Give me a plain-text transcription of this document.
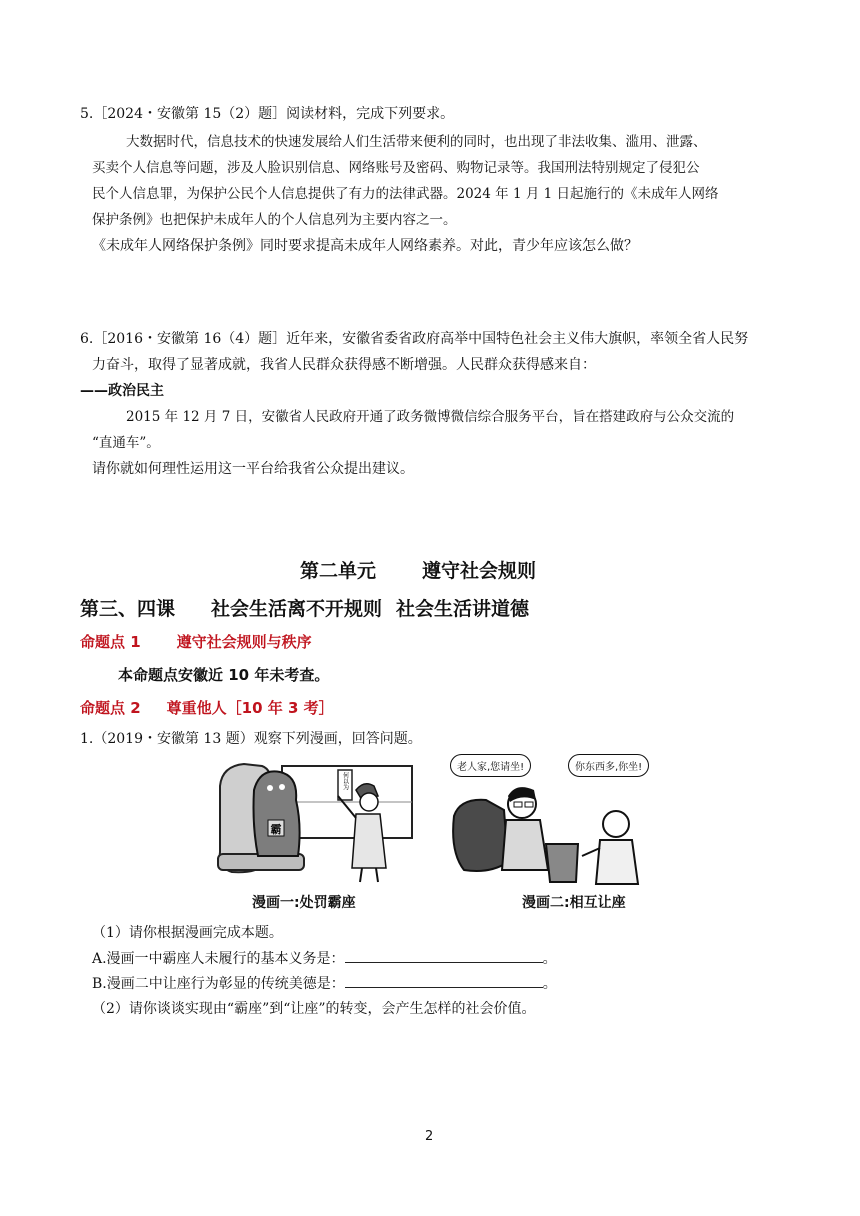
5.［2024・安徽第 15（2）题］阅读材料，完成下列要求。
大数据时代，信息技术的快速发展给人们生活带来便利的同时，也出现了非法收集、滥用、泄露、
买卖个人信息等问题，涉及人脸识别信息、网络账号及密码、购物记录等。我国刑法特别规定了侵犯公
民个人信息罪，为保护公民个人信息提供了有力的法律武器。2024 年 1 月 1 日起施行的《未成年人网络
保护条例》也把保护未成年人的个人信息列为主要内容之一。
《未成年人网络保护条例》同时要求提高未成年人网络素养。对此，青少年应该怎么做？
6.［2016・安徽第 16（4）题］近年来，安徽省委省政府高举中国特色社会主义伟大旗帜，率领全省人民努
力奋斗，取得了显著成就，我省人民群众获得感不断增强。人民群众获得感来自：
——政治民主
2015 年 12 月 7 日，安徽省人民政府开通了政务微博微信综合服务平台，旨在搭建政府与公众交流的
“直通车”。
请你就如何理性运用这一平台给我省公众提出建议。
第二单元 遵守社会规则
第三、四课 社会生活离不开规则 社会生活讲道德
命题点 1 遵守社会规则与秩序
本命题点安徽近 10 年未考查。
命题点 2 尊重他人［10 年 3 考］
1.（2019・安徽第 13 题）观察下列漫画，回答问题。
霸
何以为
漫画一:处罚霸座
老人家,您请坐!	你东西多,你坐!
漫画二:相互让座
（1）请你根据漫画完成本题。
A.漫画一中霸座人未履行的基本义务是：	。
B.漫画二中让座行为彰显的传统美德是：	。
（2）请你谈谈实现由“霸座”到“让座”的转变，会产生怎样的社会价值。
2
